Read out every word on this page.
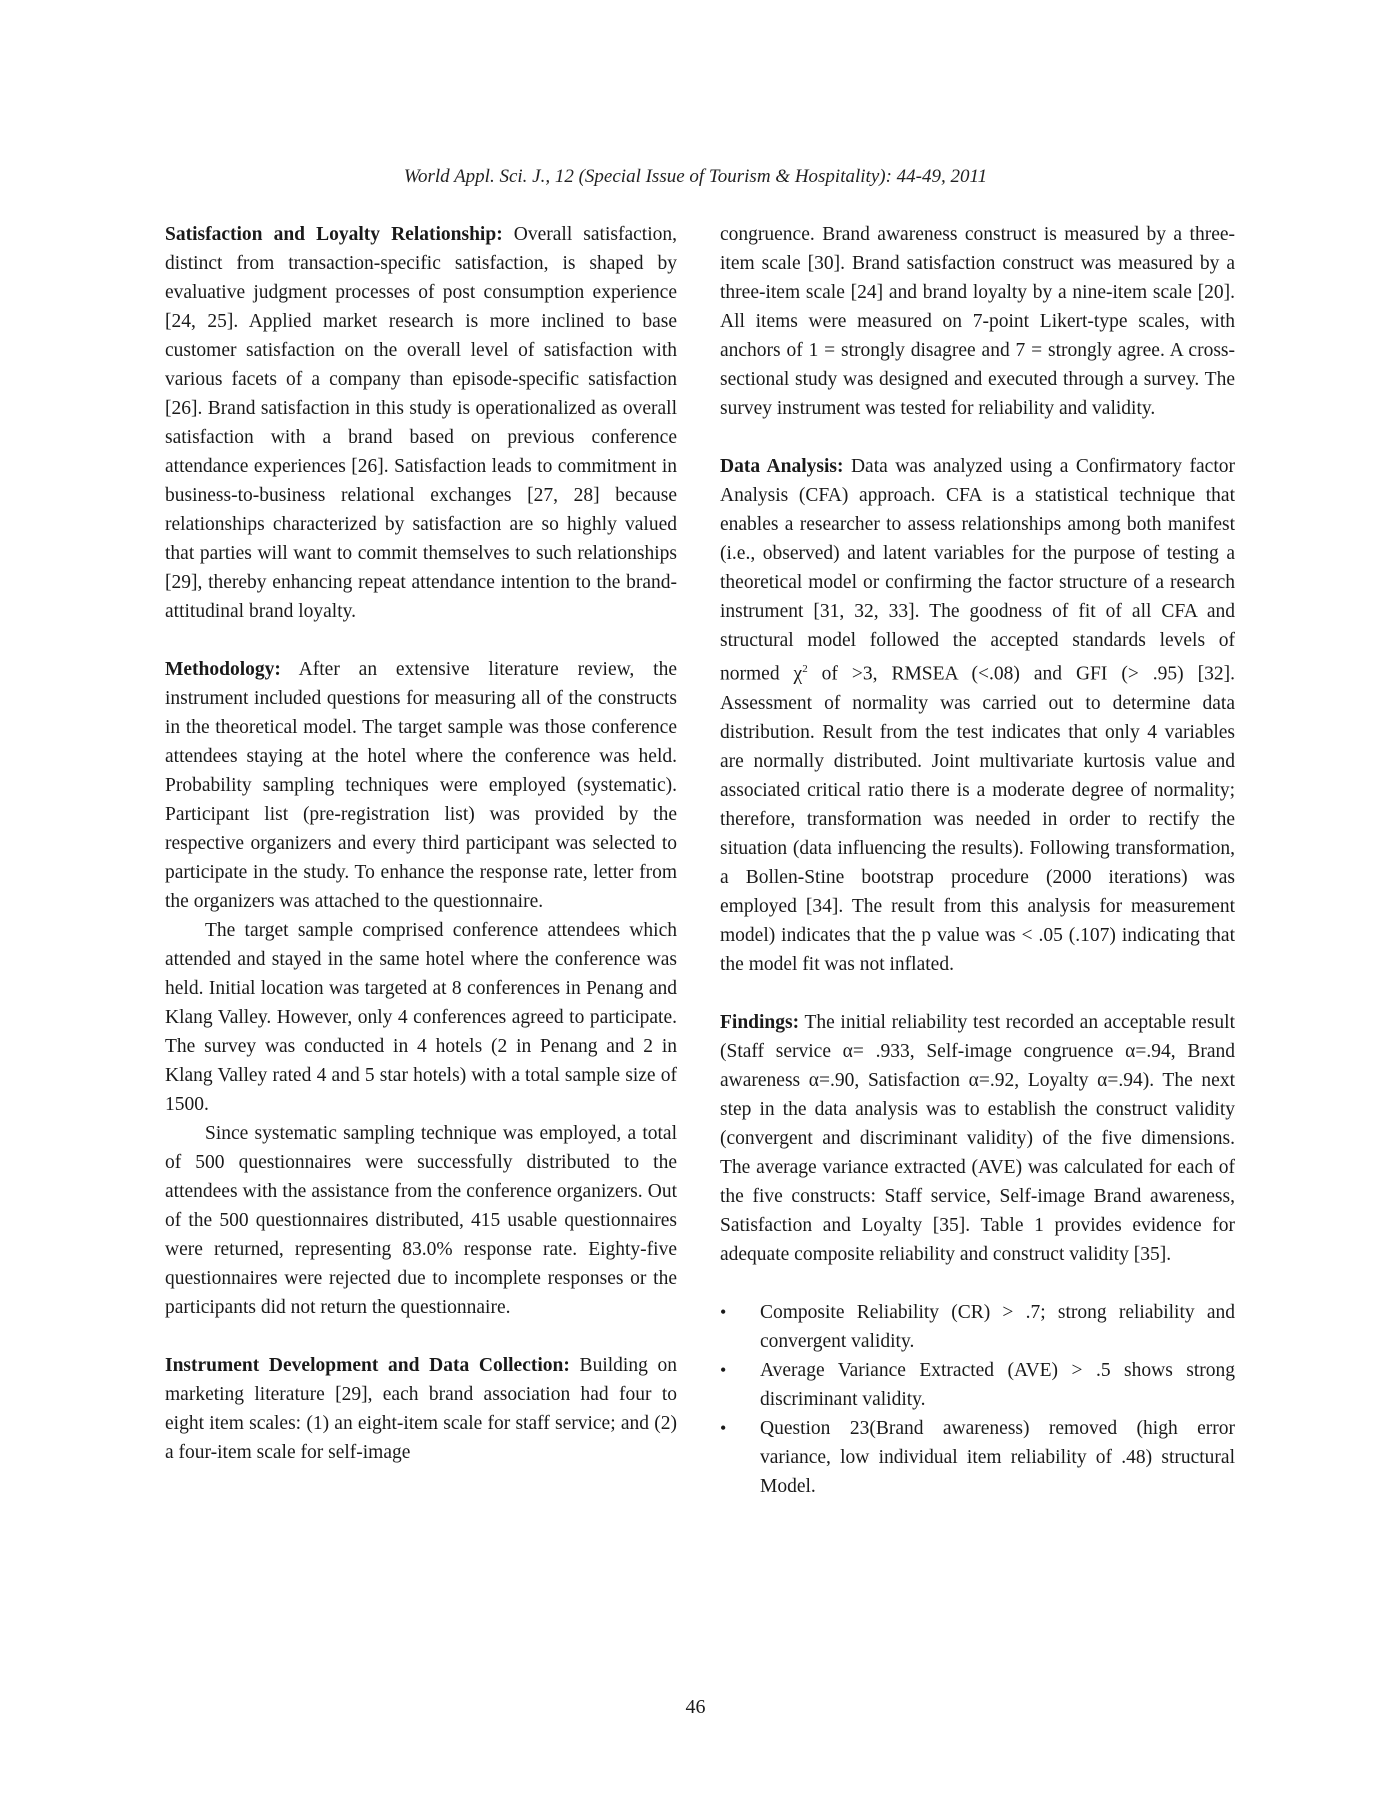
World Appl. Sci. J., 12 (Special Issue of Tourism & Hospitality): 44-49, 2011

Satisfaction and Loyalty Relationship: Overall satisfaction, distinct from transaction-specific satisfaction, is shaped by evaluative judgment processes of post consumption experience [24, 25]. Applied market research is more inclined to base customer satisfaction on the overall level of satisfaction with various facets of a company than episode-specific satisfaction [26]. Brand satisfaction in this study is operationalized as overall satisfaction with a brand based on previous conference attendance experiences [26]. Satisfaction leads to commitment in business-to-business relational exchanges [27, 28] because relationships characterized by satisfaction are so highly valued that parties will want to commit themselves to such relationships [29], thereby enhancing repeat attendance intention to the brand-attitudinal brand loyalty.

Methodology: After an extensive literature review, the instrument included questions for measuring all of the constructs in the theoretical model. The target sample was those conference attendees staying at the hotel where the conference was held. Probability sampling techniques were employed (systematic). Participant list (pre-registration list) was provided by the respective organizers and every third participant was selected to participate in the study. To enhance the response rate, letter from the organizers was attached to the questionnaire.

The target sample comprised conference attendees which attended and stayed in the same hotel where the conference was held. Initial location was targeted at 8 conferences in Penang and Klang Valley. However, only 4 conferences agreed to participate. The survey was conducted in 4 hotels (2 in Penang and 2 in Klang Valley rated 4 and 5 star hotels) with a total sample size of 1500.

Since systematic sampling technique was employed, a total of 500 questionnaires were successfully distributed to the attendees with the assistance from the conference organizers. Out of the 500 questionnaires distributed, 415 usable questionnaires were returned, representing 83.0% response rate. Eighty-five questionnaires were rejected due to incomplete responses or the participants did not return the questionnaire.

Instrument Development and Data Collection: Building on marketing literature [29], each brand association had four to eight item scales: (1) an eight-item scale for staff service; and (2) a four-item scale for self-image

congruence. Brand awareness construct is measured by a three-item scale [30]. Brand satisfaction construct was measured by a three-item scale [24] and brand loyalty by a nine-item scale [20]. All items were measured on 7-point Likert-type scales, with anchors of 1 = strongly disagree and 7 = strongly agree. A cross-sectional study was designed and executed through a survey. The survey instrument was tested for reliability and validity.

Data Analysis: Data was analyzed using a Confirmatory factor Analysis (CFA) approach. CFA is a statistical technique that enables a researcher to assess relationships among both manifest (i.e., observed) and latent variables for the purpose of testing a theoretical model or confirming the factor structure of a research instrument [31, 32, 33]. The goodness of fit of all CFA and structural model followed the accepted standards levels of normed $\chi^2$ of >3, RMSEA (<.08) and GFI (> .95) [32]. Assessment of normality was carried out to determine data distribution. Result from the test indicates that only 4 variables are normally distributed. Joint multivariate kurtosis value and associated critical ratio there is a moderate degree of normality; therefore, transformation was needed in order to rectify the situation (data influencing the results). Following transformation, a Bollen-Stine bootstrap procedure (2000 iterations) was employed [34]. The result from this analysis for measurement model) indicates that the p value was < .05 (.107) indicating that the model fit was not inflated.

Findings: The initial reliability test recorded an acceptable result (Staff service α= .933, Self-image congruence α=.94, Brand awareness α=.90, Satisfaction α=.92, Loyalty α=.94). The next step in the data analysis was to establish the construct validity (convergent and discriminant validity) of the five dimensions. The average variance extracted (AVE) was calculated for each of the five constructs: Staff service, Self-image Brand awareness, Satisfaction and Loyalty [35]. Table 1 provides evidence for adequate composite reliability and construct validity [35].

•	Composite Reliability (CR) > .7; strong reliability and convergent validity.
•	Average Variance Extracted (AVE) > .5 shows strong discriminant validity.
•	Question 23(Brand awareness) removed (high error variance, low individual item reliability of .48) structural Model.
46
